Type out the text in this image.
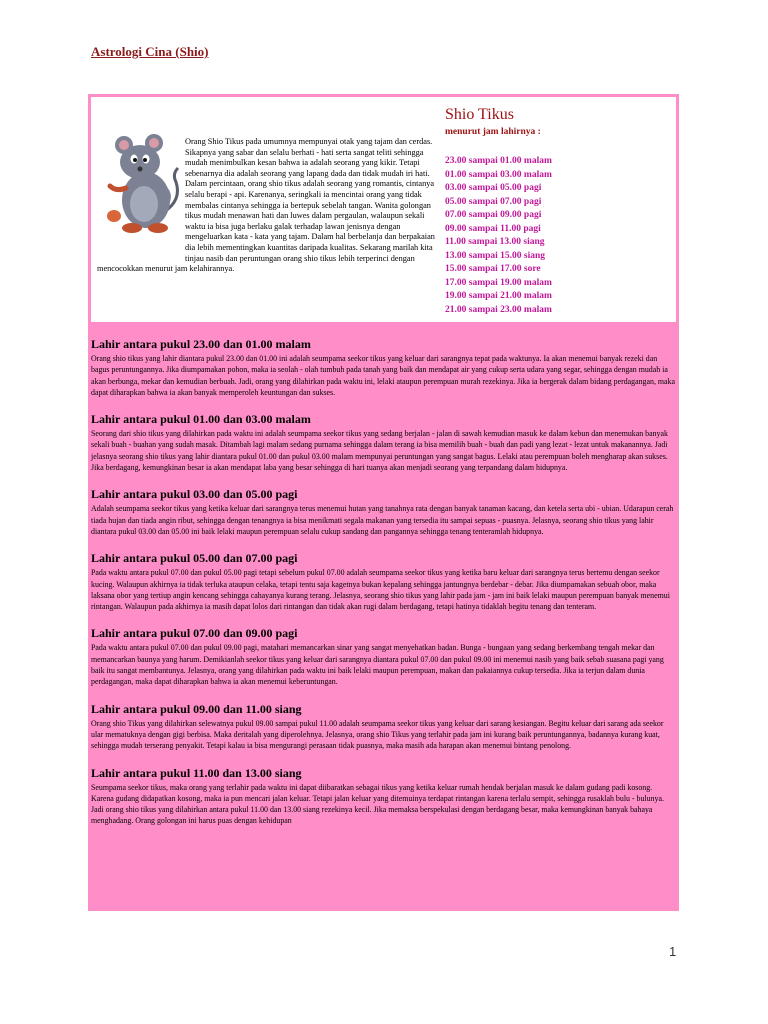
Astrologi Cina (Shio)

Orang Shio Tikus pada umumnya mempunyai otak yang tajam dan cerdas. Sikapnya yang sabar dan selalu berhati - hati serta sangat teliti sehingga mudah menimbulkan kesan bahwa ia adalah seorang yang kikir. Tetapi sebenarnya dia adalah seorang yang lapang dada dan tidak mudah iri hati. Dalam percintaan, orang shio tikus adalah seorang yang romantis, cintanya selalu berapi - api. Karenanya, seringkali ia mencintai orang yang tidak membalas cintanya sehingga ia bertepuk sebelah tangan. Wanita golongan tikus mudah menawan hati dan luwes dalam pergaulan, walaupun sekali waktu ia bisa juga berlaku galak terhadap lawan jenisnya dengan mengeluarkan kata - kata yang tajam. Dalam hal berbelanja dan berpakaian dia lebih mementingkan kuantitas daripada kualitas. Sekarang marilah kita tinjau nasib dan peruntungan orang shio tikus lebih terperinci dengan mencocokkan menurut jam kelahirannya.

Shio Tikus
menurut jam lahirnya :
23.00 sampai 01.00 malam
01.00 sampai 03.00 malam
03.00 sampai 05.00 pagi
05.00 sampai 07.00 pagi
07.00 sampai 09.00 pagi
09.00 sampai 11.00 pagi
11.00 sampai 13.00 siang
13.00 sampai 15.00 siang
15.00 sampai 17.00 sore
17.00 sampai 19.00 malam
19.00 sampai 21.00 malam
21.00 sampai 23.00 malam
Lahir antara pukul 23.00 dan 01.00 malam

Orang shio tikus yang lahir diantara pukul 23.00 dan 01.00 ini adalah seumpama seekor tikus yang keluar dari sarangnya tepat pada waktunya. Ia akan menemui banyak rezeki dan bagus peruntungannya. Jika diumpamakan pohon, maka ia seolah - olah tumbuh pada tanah yang baik dan mendapat air yang cukup serta udara yang segar, sehingga dengan mudah ia akan berbunga, mekar dan kemudian berbuah. Jadi, orang yang dilahirkan pada waktu ini, lelaki ataupun perempuan murah rezekinya. Jika ia bergerak dalam bidang perdagangan, maka dapat diharapkan bahwa ia akan banyak memperoleh keuntungan dan sukses.

Lahir antara pukul 01.00 dan 03.00 malam

Seorang dari shio tikus yang dilahirkan pada waktu ini adalah seumpama seekor tikus yang sedang berjalan - jalan di sawah kemudian masuk ke dalam kebun dan menemukan banyak sekali buah - buahan yang sudah masak. Ditambah lagi malam sedang purnama sehingga dalam terang ia bisa memilih buah - buah dan padi yang lezat - lezat untuk makanannya. Jadi jelasnya seorang shio tikus yang lahir diantara pukul 01.00 dan pukul 03.00 malam mempunyai peruntungan yang sangat bagus. Lelaki atau perempuan boleh mengharap akan sukses. Jika berdagang, kemungkinan besar ia akan mendapat laba yang besar sehingga di hari tuanya akan menjadi seorang yang terpandang dalam hidupnya.

Lahir antara pukul 03.00 dan 05.00 pagi

Adalah seumpama seekor tikus yang ketika keluar dari sarangnya terus menemui hutan yang tanahnya rata dengan banyak tanaman kacang, dan ketela serta ubi - ubian. Udarapun cerah tiada hujan dan tiada angin ribut, sehingga dengan tenangnya ia bisa menikmati segala makanan yang tersedia itu sampai sepuas - puasnya. Jelasnya, seorang shio tikus yang lahir diantara pukul 03.00 dan 05.00 ini baik lelaki maupun perempuan selalu cukup sandang dan pangannya sehingga tenang tenteramlah hidupnya.

Lahir antara pukul 05.00 dan 07.00 pagi

Pada waktu antara pukul 07.00 dan pukul 05.00 pagi tetapi sebelum pukul 07.00 adalah seumpama seekor tikus yang ketika baru keluar dari sarangnya terus bertemu dengan seekor kucing. Walaupun akhirnya ia tidak terluka ataupun celaka, tetapi tentu saja kagetnya bukan kepalang sehingga jantungnya berdebar - debar. Jika diumpamakan sebuah obor, maka laksana obor yang tertiup angin kencang sehingga cahayanya kurang terang. Jelasnya, seorang shio tikus yang lahir pada jam - jam ini baik lelaki maupun perempuan banyak menemui rintangan. Walaupun pada akhirnya ia masih dapat lolos dari rintangan dan tidak akan rugi dalam berdagang, tetapi hatinya tidaklah begitu tenang dan tenteram.

Lahir antara pukul 07.00 dan 09.00 pagi

Pada waktu antara pukul 07.00 dan pukul 09.00 pagi, matahari memancarkan sinar yang sangat menyehatkan badan. Bunga - bungaan yang sedang berkembang tengah mekar dan memancarkan baunya yang harum. Demikianlah seekor tikus yang keluar dari sarangnya diantara pukul 07.00 dan pukul 09.00 ini menemui nasib yang baik sebab suasana pagi yang baik itu sangat membantunya. Jelasnya, orang yang dilahirkan pada waktu ini baik lelaki maupun perempuan, makan dan pakaiannya cukup tersedia. Jika ia terjun dalam dunia perdagangan, maka dapat diharapkan bahwa ia akan menemui keberuntungan.

Lahir antara pukul 09.00 dan 11.00 siang

Orang shio Tikus yang dilahirkan selewatnya pukul 09.00 sampai pukul 11.00 adalah seumpama seekor tikus yang keluar dari sarang kesiangan. Begitu keluar dari sarang ada seekor ular mematuknya dengan gigi berbisa. Maka deritalah yang diperolehnya. Jelasnya, orang shio Tikus yang terlahir pada jam ini kurang baik peruntungannya, badannya kurang kuat, sehingga mudah terserang penyakit. Tetapi kalau ia bisa mengurangi perasaan tidak puasnya, maka masih ada harapan akan menemui bintang penolong.

Lahir antara pukul 11.00 dan 13.00 siang

Seumpama seekor tikus, maka orang yang terlahir pada waktu ini dapat diibaratkan sebagai tikus yang ketika keluar rumah hendak berjalan masuk ke dalam gudang padi kosong. Karena gudang didapatkan kosong, maka ia pun mencari jalan keluar. Tetapi jalan keluar yang ditemuinya terdapat rintangan karena terlalu sempit, sehingga rusaklah bulu - bulunya. Jadi orang shio tikus yang dilahirkan antara pukul 11.00 dan 13.00 siang rezekinya kecil. Jika memaksa berspekulasi dengan berdagang besar, maka kemungkinan banyak bahaya menghadang. Orang golongan ini harus puas dengan kehidupan

1
